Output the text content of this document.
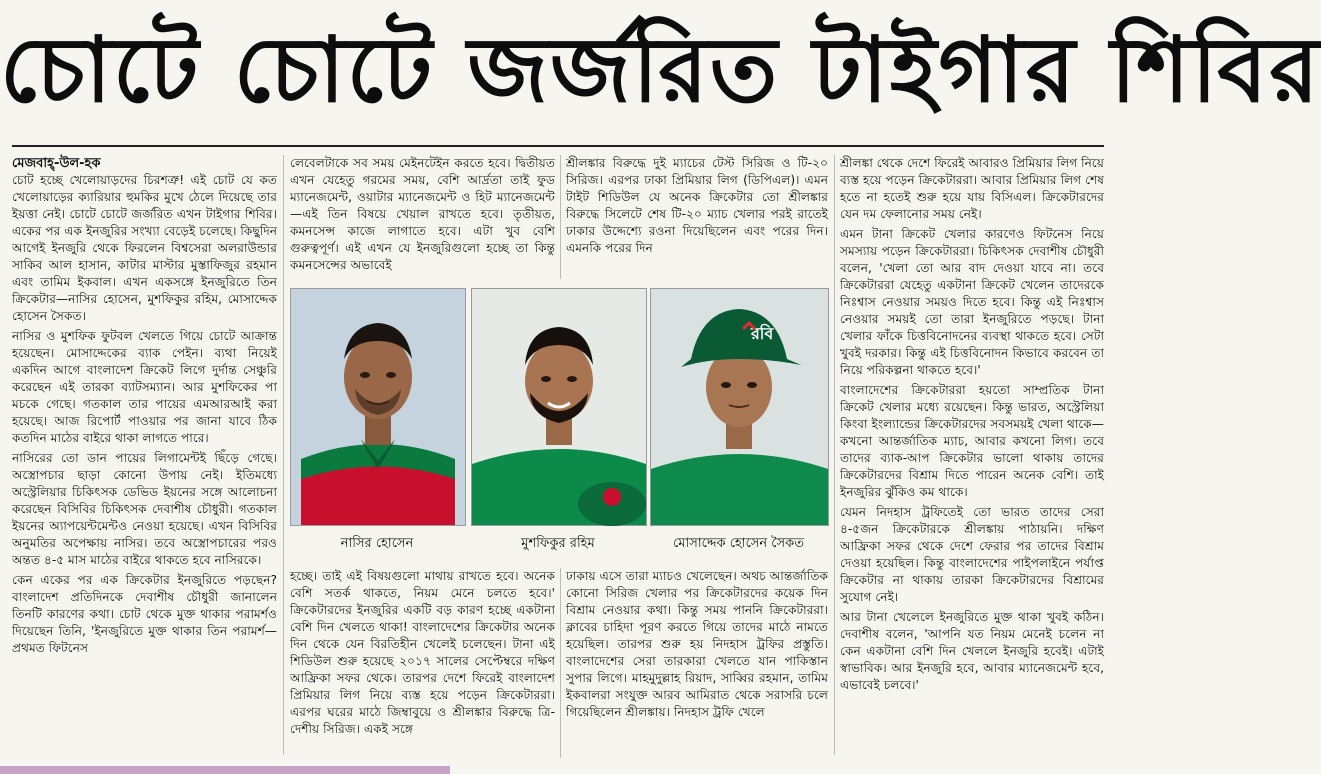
চোটে চোটে জর্জরিত টাইগার শিবির
মেজবাহ্-উল-হক

চোট হচ্ছে খেলোয়াড়দের চিরশত্রু! এই চোট যে কত খেলোয়াড়ের ক্যারিয়ার হুমকির মুখে ঠেলে দিয়েছে তার ইয়ত্তা নেই। চোটে চোটে জর্জরিত এখন টাইগার শিবির। একের পর এক ইনজুরির সংখ্যা বেড়েই চলেছে। কিছুদিন আগেই ইনজুরি থেকে ফিরলেন বিশ্বসেরা অলরাউন্ডার সাকিব আল হাসান, কাটার মাস্টার মুস্তাফিজুর রহমান এবং তামিম ইকবাল। এখন একসঙ্গে ইনজুরিতে তিন ক্রিকেটার—নাসির হোসেন, মুশফিকুর রহিম, মোসাদ্দেক হোসেন সৈকত।

নাসির ও মুশফিক ফুটবল খেলতে গিয়ে চোটে আক্রান্ত হয়েছেন। মোসাদ্দেকের ব্যাক পেইন। ব্যথা নিয়েই একদিন আগে বাংলাদেশ ক্রিকেট লিগে দুর্দান্ত সেঞ্চুরি করেছেন এই তারকা ব্যাটসম্যান। আর মুশফিকের পা মচকে গেছে। গতকাল তার পায়ের এমআরআই করা হয়েছে। আজ রিপোর্ট পাওয়ার পর জানা যাবে ঠিক কতদিন মাঠের বাইরে থাকা লাগতে পারে।

নাসিরের তো ডান পায়ের লিগামেন্টই ছিঁড়ে গেছে। অস্ত্রোপচার ছাড়া কোনো উপায় নেই। ইতিমধ্যে অস্ট্রেলিয়ার চিকিৎসক ডেভিড ইয়নের সঙ্গে আলোচনা করেছেন বিসিবির চিকিৎসক দেবাশীষ চৌধুরী। গতকাল ইয়নের অ্যাপয়েন্টমেন্টও নেওয়া হয়েছে। এখন বিসিবির অনুমতির অপেক্ষায় নাসির। তবে অস্ত্রোপচারের পরও অন্তত ৪-৫ মাস মাঠের বাইরে থাকতে হবে নাসিরকে।

কেন একের পর এক ক্রিকেটার ইনজুরিতে পড়ছেন? বাংলাদেশ প্রতিদিনকে দেবাশীষ চৌধুরী জানালেন তিনটি কারণের কথা। চোট থেকে মুক্ত থাকার পরামর্শও দিয়েছেন তিনি, 'ইনজুরিতে মুক্ত থাকার তিন পরামর্শ— প্রথমত ফিটনেস

লেবেলটাকে সব সময় মেইনটেইন করতে হবে। দ্বিতীয়ত এখন যেহেতু গরমের সময়, বেশি আর্দ্রতা তাই ফুড ম্যানেজমেন্ট, ওয়াটার ম্যানেজমেন্ট ও হিট ম্যানেজমেন্ট —এই তিন বিষয়ে খেয়াল রাখতে হবে। তৃতীয়ত, কমনসেন্স কাজে লাগাতে হবে। এটা খুব বেশি গুরুত্বপূর্ণ। এই এখন যে ইনজুরিগুলো হচ্ছে তা কিন্তু কমনসেন্সের অভাবেই

শ্রীলঙ্কার বিরুদ্ধে দুই ম্যাচের টেস্ট সিরিজ ও টি-২০ সিরিজ। এরপর ঢাকা প্রিমিয়ার লিগ (ডিপিএল)। এমন টাইট শিডিউল যে অনেক ক্রিকেটার তো শ্রীলঙ্কার বিরুদ্ধে সিলেটে শেষ টি-২০ ম্যাচ খেলার পরই রাতেই ঢাকার উদ্দেশ্যে রওনা দিয়েছিলেন এবং পরের দিন। এমনকি পরের দিন

রবি
নাসির হোসেন	মুশফিকুর রহিম	মোসাদ্দেক হোসেন সৈকত

হচ্ছে। তাই এই বিষয়গুলো মাথায় রাখতে হবে। অনেক বেশি সতর্ক থাকতে, নিয়ম মেনে চলতে হবে।' ক্রিকেটারদের ইনজুরির একটি বড় কারণ হচ্ছে একটানা বেশি দিন খেলতে থাকা! বাংলাদেশের ক্রিকেটার অনেক দিন থেকে যেন বিরতিহীন খেলেই চলেছেন। টানা এই শিডিউল শুরু হয়েছে ২০১৭ সালের সেপ্টেম্বরে দক্ষিণ আফ্রিকা সফর থেকে। তারপর দেশে ফিরেই বাংলাদেশ প্রিমিয়ার লিগ নিয়ে ব্যস্ত হয়ে পড়েন ক্রিকেটাররা। এরপর ঘরের মাঠে জিম্বাবুয়ে ও শ্রীলঙ্কার বিরুদ্ধে ত্রি-দেশীয় সিরিজ। একই সঙ্গে

ঢাকায় এসে তারা ম্যাচও খেলেছেন। অথচ আন্তর্জাতিক কোনো সিরিজ খেলার পর ক্রিকেটারদের কয়েক দিন বিশ্রাম নেওয়ার কথা। কিন্তু সময় পাননি ক্রিকেটাররা। ক্লাবের চাহিদা পূরণ করতে গিয়ে তাদের মাঠে নামতে হয়েছিল। তারপর শুরু হয় নিদহাস ট্রফির প্রস্তুতি। বাংলাদেশের সেরা তারকারা খেলতে যান পাকিস্তান সুপার লিগে। মাহমুদুল্লাহ রিয়াদ, সাব্বির রহমান, তামিম ইকবালরা সংযুক্ত আরব আমিরাত থেকে সরাসরি চলে গিয়েছিলেন শ্রীলঙ্কায়। নিদহাস ট্রফি খেলে

শ্রীলঙ্কা থেকে দেশে ফিরেই আবারও প্রিমিয়ার লিগ নিয়ে ব্যস্ত হয়ে পড়েন ক্রিকেটাররা। আবার প্রিমিয়ার লিগ শেষ হতে না হতেই শুরু হয়ে যায় বিসিএল। ক্রিকেটারদের যেন দম ফেলানোর সময় নেই।

এমন টানা ক্রিকেট খেলার কারণেও ফিটনেস নিয়ে সমস্যায় পড়েন ক্রিকেটাররা। চিকিৎসক দেবাশীষ চৌধুরী বলেন, 'খেলা তো আর বাদ দেওয়া যাবে না। তবে ক্রিকেটাররা যেহেতু একটানা ক্রিকেট খেলেন তাদেরকে নিঃশ্বাস নেওয়ার সময়ও দিতে হবে। কিন্তু এই নিঃশ্বাস নেওয়ার সময়ই তো তারা ইনজুরিতে পড়ছে। টানা খেলার ফাঁকে চিত্তবিনোদনের ব্যবস্থা থাকতে হবে। সেটা খুবই দরকার। কিন্তু এই চিত্তবিনোদন কিভাবে করবেন তা নিয়ে পরিকল্পনা থাকতে হবে।'

বাংলাদেশের ক্রিকেটাররা হয়তো সাম্প্রতিক টানা ক্রিকেট খেলার মধ্যে রয়েছেন। কিন্তু ভারত, অস্ট্রেলিয়া কিংবা ইংল্যান্ডের ক্রিকেটারদের সবসময়ই খেলা থাকে— কখনো আন্তর্জাতিক ম্যাচ, আবার কখনো লিগ। তবে তাদের ব্যাক-আপ ক্রিকেটার ভালো থাকায় তাদের ক্রিকেটারদের বিশ্রাম দিতে পারেন অনেক বেশি। তাই ইনজুরির ঝুঁকিও কম থাকে।

যেমন নিদহাস ট্রফিতেই তো ভারত তাদের সেরা ৪-৫জন ক্রিকেটারকে শ্রীলঙ্কায় পাঠায়নি। দক্ষিণ আফ্রিকা সফর থেকে দেশে ফেরার পর তাদের বিশ্রাম দেওয়া হয়েছিল। কিন্তু বাংলাদেশের পাইপলাইনে পর্যাপ্ত ক্রিকেটার না থাকায় তারকা ক্রিকেটারদের বিশ্রামের সুযোগ নেই।

আর টানা খেলেলে ইনজুরিতে মুক্ত থাকা খুবই কঠিন। দেবাশীষ বলেন, 'আপনি যত নিয়ম মেনেই চলেন না কেন একটানা বেশি দিন খেললে ইনজুরি হবেই। এটাই স্বাভাবিক। আর ইনজুরি হবে, আবার ম্যানেজমেন্ট হবে, এভাবেই চলবে।'
